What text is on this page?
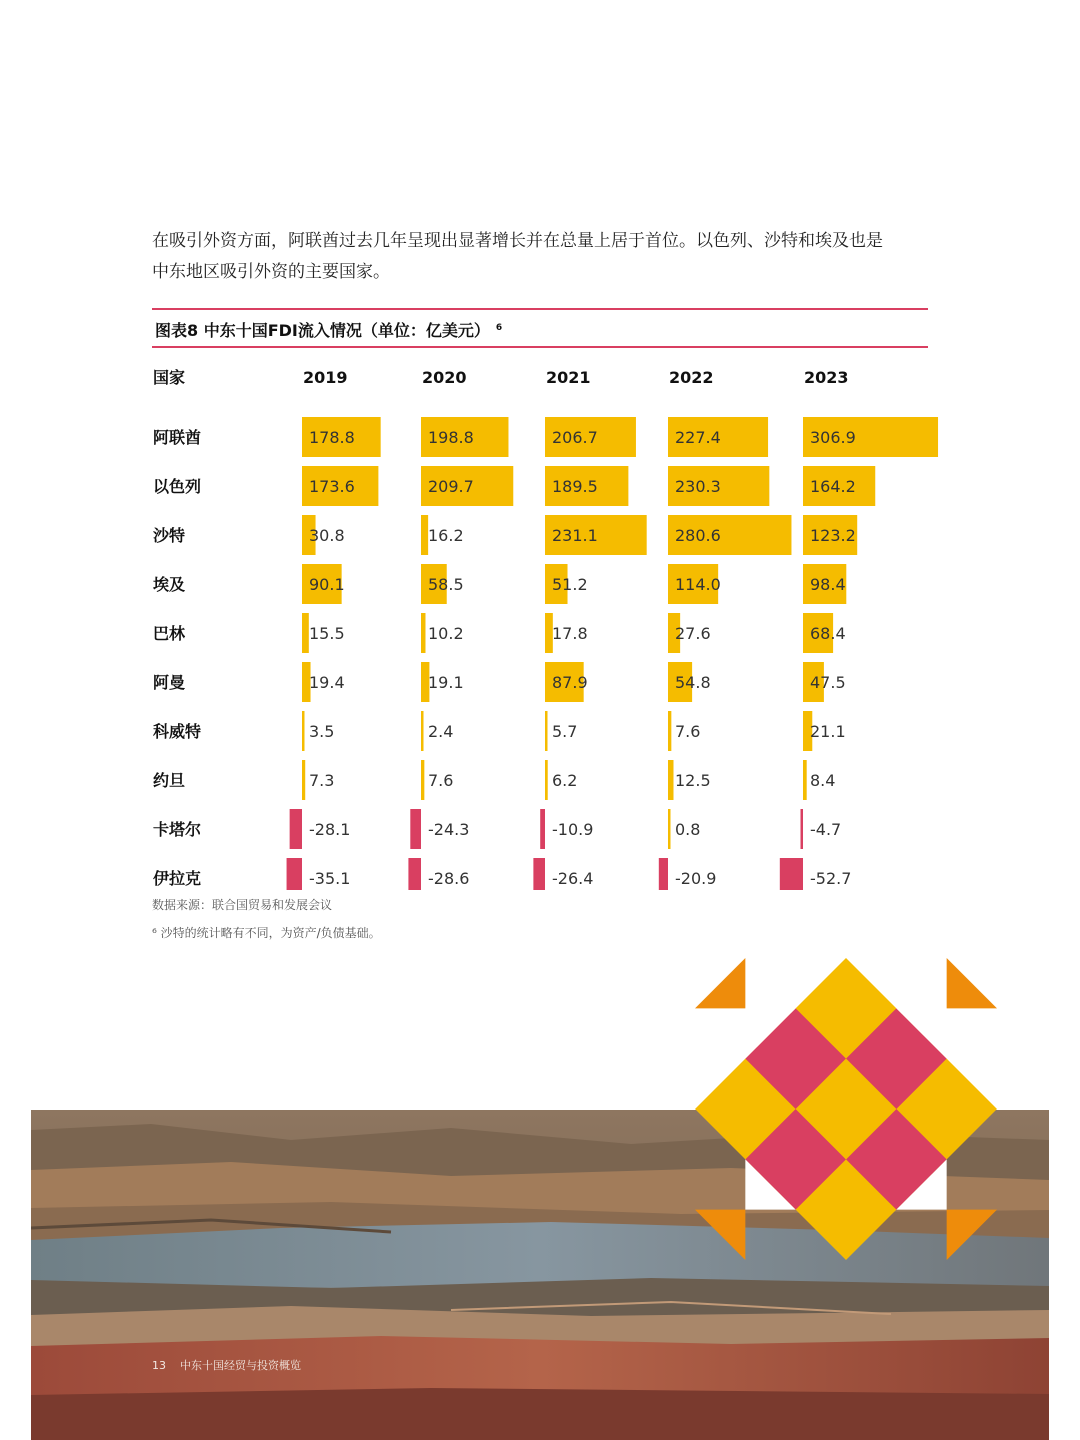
在吸引外资方面，阿联酋过去几年呈现出显著增长并在总量上居于首位。以色列、沙特和埃及也是
中东地区吸引外资的主要国家。
图表8 中东十国FDI流入情况（单位：亿美元） $^6$
国家	2019	2020	2021	2022	2023
阿联酋	178.8	198.8	206.7	227.4	306.9
以色列	173.6	209.7	189.5	230.3	164.2
沙特	30.8	16.2	231.1	280.6	123.2
埃及	90.1	58.5	51.2	114.0	98.4
巴林	15.5	10.2	17.8	27.6	68.4
阿曼	19.4	19.1	87.9	54.8	47.5
科威特	3.5	2.4	5.7	7.6	21.1
约旦	7.3	7.6	6.2	12.5	8.4
卡塔尔	-28.1	-24.3	-10.9	0.8	-4.7
伊拉克	-35.1	-28.6	-26.4	-20.9	-52.7
数据来源：联合国贸易和发展会议
⁶ 沙特的统计略有不同，为资产/负债基础。
13 中东十国经贸与投资概览
